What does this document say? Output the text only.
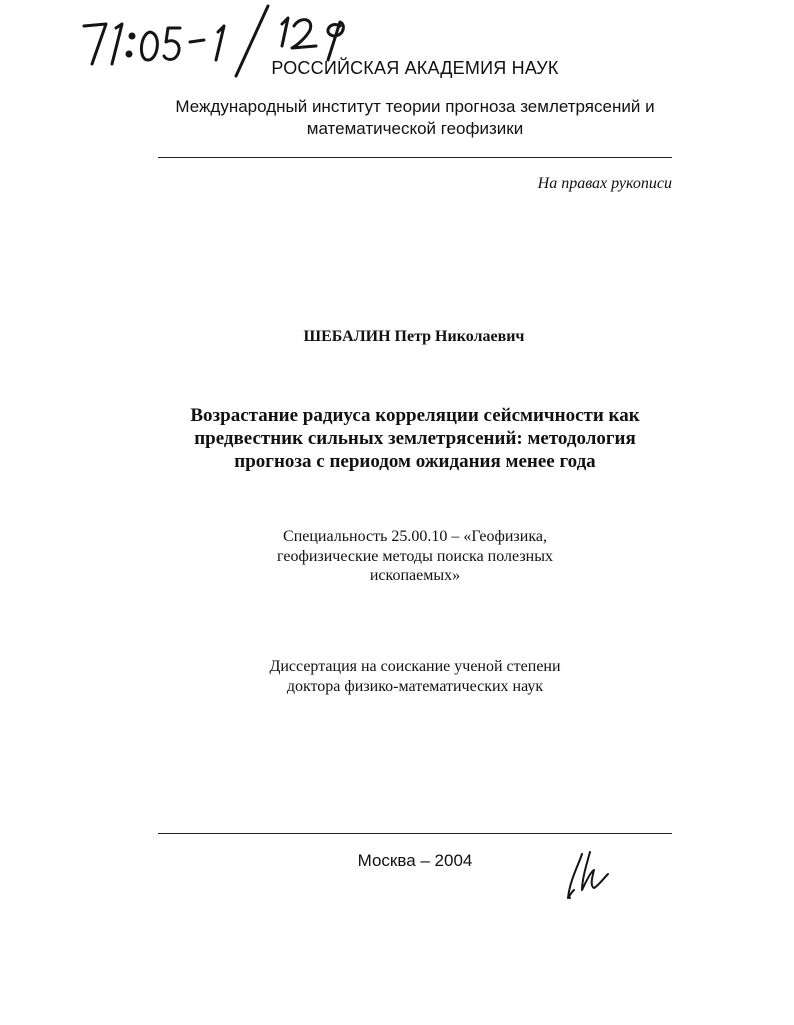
РОССИЙСКАЯ АКАДЕМИЯ НАУК
Международный институт теории прогноза землетрясений и
математической геофизики
На правах рукописи
ШЕБАЛИН Петр Николаевич
Возрастание радиуса корреляции сейсмичности как
предвестник сильных землетрясений: методология
прогноза с периодом ожидания менее года
Специальность 25.00.10 – «Геофизика,
геофизические методы поиска полезных
ископаемых»
Диссертация на соискание ученой степени
доктора физико-математических наук
Москва – 2004
